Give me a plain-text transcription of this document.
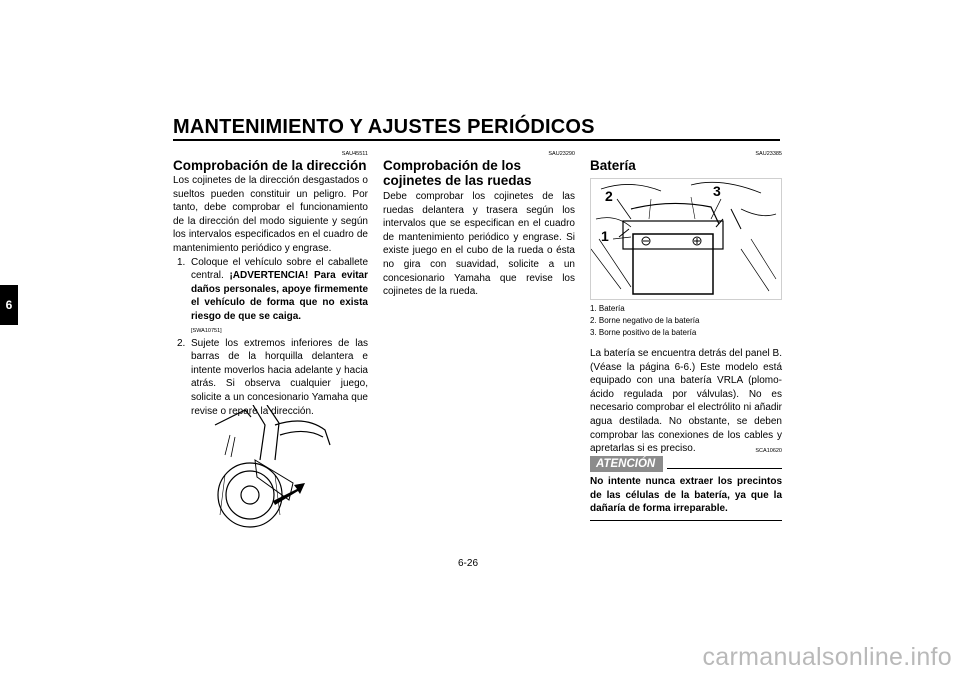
MANTENIMIENTO Y AJUSTES PERIÓDICOS
6
SAU45511
Comprobación de la dirección
Los cojinetes de la dirección desgastados o sueltos pueden constituir un peligro. Por tanto, debe comprobar el funcionamiento de la dirección del modo siguiente y según los intervalos especificados en el cuadro de mantenimiento periódico y engrase.
1. Coloque el vehículo sobre el caballete central. ¡ADVERTENCIA! Para evitar daños personales, apoye firmemente el vehículo de forma que no exista riesgo de que se caiga.
[SWA10751]
2. Sujete los extremos inferiores de las barras de la horquilla delantera e intente moverlos hacia adelante y hacia atrás. Si observa cualquier juego, solicite a un concesionario Yamaha que revise o repare la dirección.
SAU23290
Comprobación de los cojinetes de las ruedas
Debe comprobar los cojinetes de las ruedas delantera y trasera según los intervalos que se especifican en el cuadro de mantenimiento periódico y engrase. Si existe juego en el cubo de la rueda o ésta no gira con suavidad, solicite a un concesionario Yamaha que revise los cojinetes de la rueda.
SAU23385
Batería
2	3
1
1. Batería
2. Borne negativo de la batería
3. Borne positivo de la batería
La batería se encuentra detrás del panel B. (Véase la página 6-6.) Este modelo está equipado con una batería VRLA (plomo-ácido regulada por válvulas). No es necesario comprobar el electrólito ni añadir agua destilada. No obstante, se deben comprobar las conexiones de los cables y apretarlas si es preciso.	SCA10620
ATENCIÓN
No intente nunca extraer los precintos de las células de la batería, ya que la dañaría de forma irreparable.
6-26
carmanualsonline.info
